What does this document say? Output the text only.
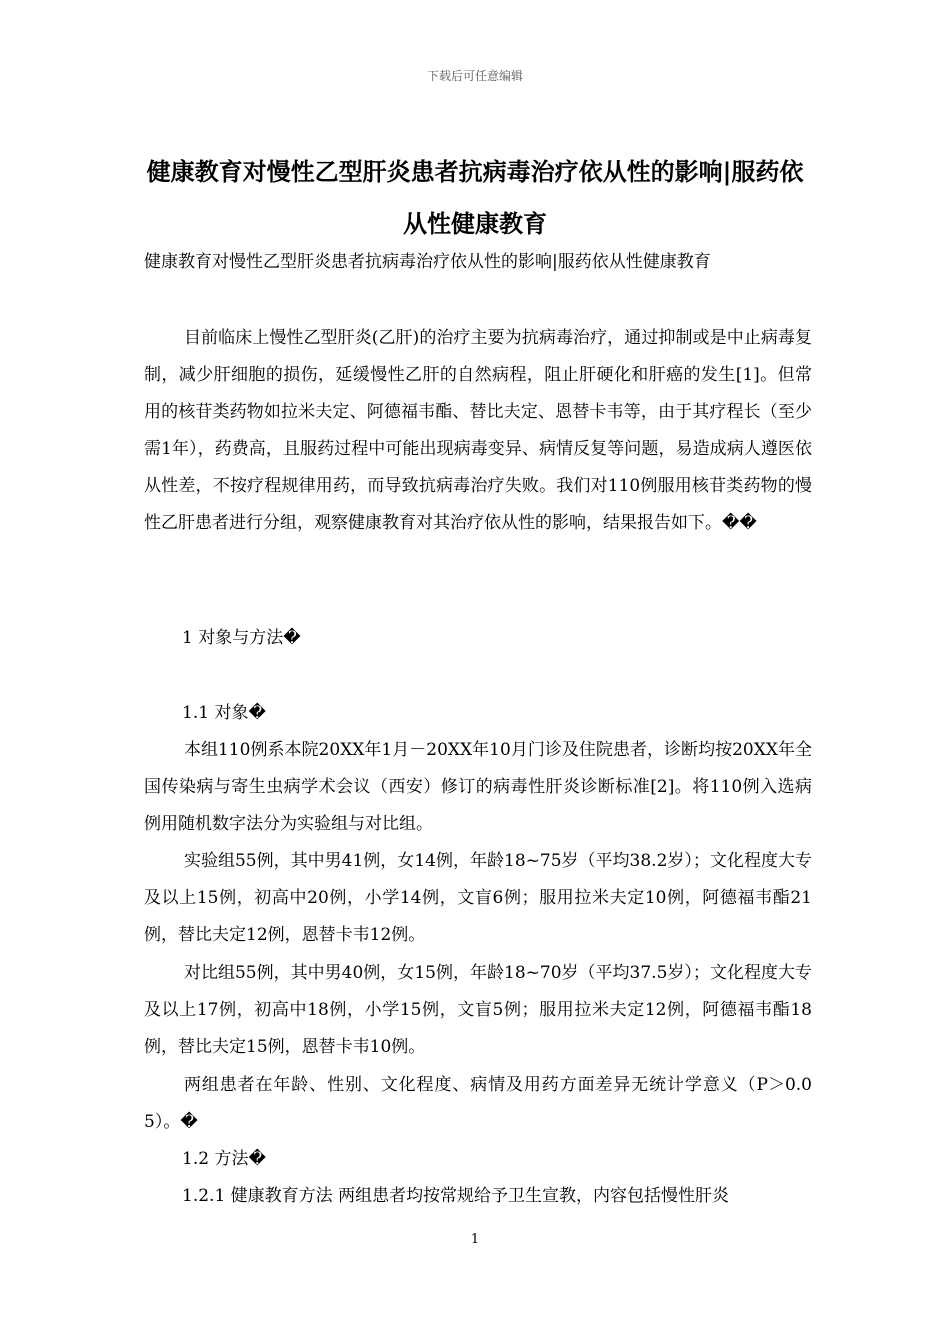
下载后可任意编辑
健康教育对慢性乙型肝炎患者抗病毒治疗依从性的影响|服药依从性健康教育
健康教育对慢性乙型肝炎患者抗病毒治疗依从性的影响|服药依从性健康教育

目前临床上慢性乙型肝炎(乙肝)的治疗主要为抗病毒治疗，通过抑制或是中止病毒复制，减少肝细胞的损伤，延缓慢性乙肝的自然病程，阻止肝硬化和肝癌的发生[1]。但常用的核苷类药物如拉米夫定、阿德福韦酯、替比夫定、恩替卡韦等，由于其疗程长（至少需1年），药费高，且服药过程中可能出现病毒变异、病情反复等问题，易造成病人遵医依从性差，不按疗程规律用药，而导致抗病毒治疗失败。我们对110例服用核苷类药物的慢性乙肝患者进行分组，观察健康教育对其治疗依从性的影响，结果报告如下。��

1 对象与方法�

1.1 对象�

本组110例系本院20XX年1月－20XX年10月门诊及住院患者，诊断均按20XX年全国传染病与寄生虫病学术会议（西安）修订的病毒性肝炎诊断标准[2]。将110例入选病例用随机数字法分为实验组与对比组。

实验组55例，其中男41例，女14例，年龄18~75岁（平均38.2岁）；文化程度大专及以上15例，初高中20例，小学14例，文盲6例；服用拉米夫定10例，阿德福韦酯21例，替比夫定12例，恩替卡韦12例。

对比组55例，其中男40例，女15例，年龄18~70岁（平均37.5岁）；文化程度大专及以上17例，初高中18例，小学15例，文盲5例；服用拉米夫定12例，阿德福韦酯18例，替比夫定15例，恩替卡韦10例。

两组患者在年龄、性别、文化程度、病情及用药方面差异无统计学意义（P＞0.05）。�

1.2 方法�

1.2.1 健康教育方法 两组患者均按常规给予卫生宣教，内容包括慢性肝炎

1
